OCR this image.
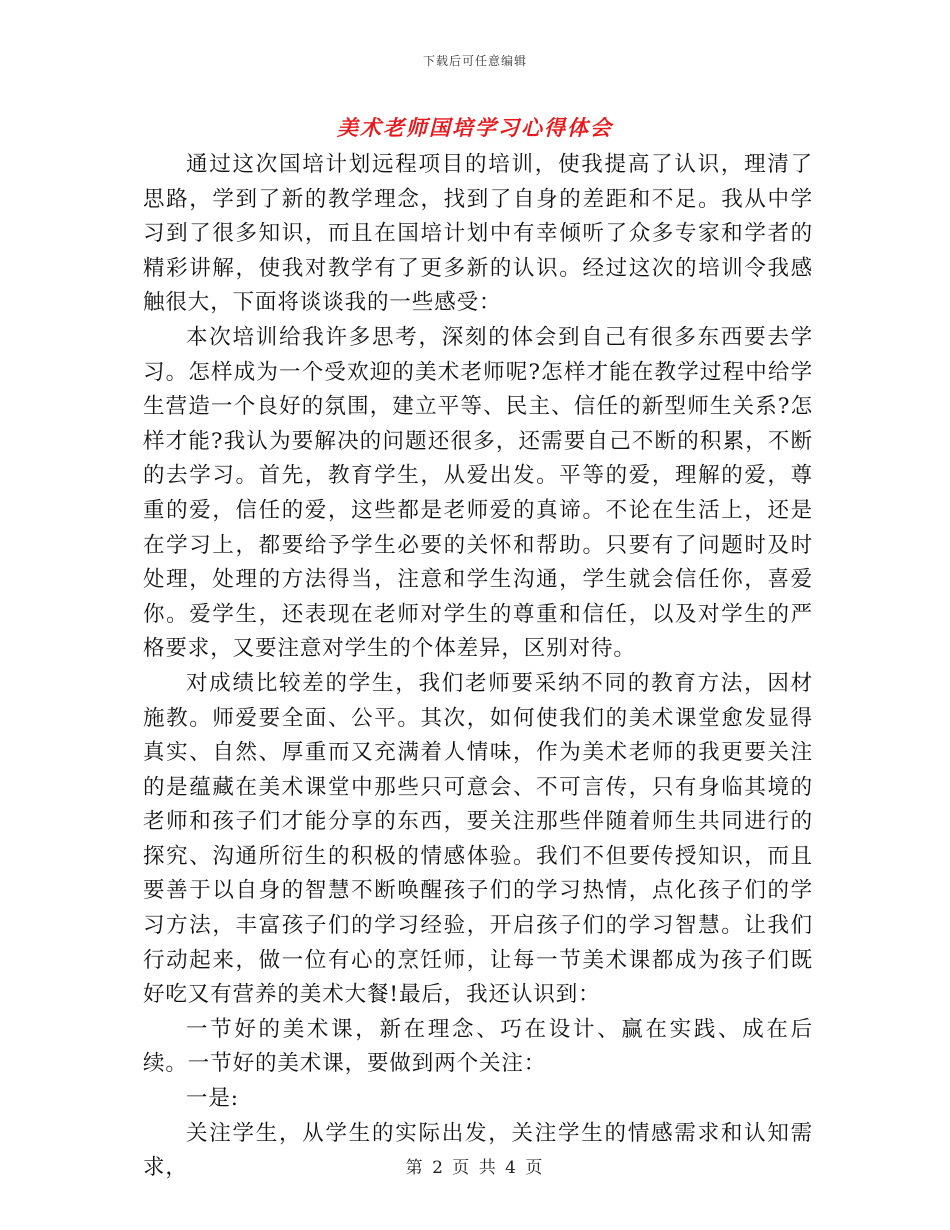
下载后可任意编辑
美术老师国培学习心得体会

通过这次国培计划远程项目的培训，使我提高了认识，理清了思路，学到了新的教学理念，找到了自身的差距和不足。我从中学习到了很多知识，而且在国培计划中有幸倾听了众多专家和学者的精彩讲解，使我对教学有了更多新的认识。经过这次的培训令我感触很大，下面将谈谈我的一些感受：

本次培训给我许多思考，深刻的体会到自己有很多东西要去学习。怎样成为一个受欢迎的美术老师呢?怎样才能在教学过程中给学生营造一个良好的氛围，建立平等、民主、信任的新型师生关系?怎样才能?我认为要解决的问题还很多，还需要自己不断的积累，不断的去学习。首先，教育学生，从爱出发。平等的爱，理解的爱，尊重的爱，信任的爱，这些都是老师爱的真谛。不论在生活上，还是在学习上，都要给予学生必要的关怀和帮助。只要有了问题时及时处理，处理的方法得当，注意和学生沟通，学生就会信任你，喜爱你。爱学生，还表现在老师对学生的尊重和信任，以及对学生的严格要求，又要注意对学生的个体差异，区别对待。

对成绩比较差的学生，我们老师要采纳不同的教育方法，因材施教。师爱要全面、公平。其次，如何使我们的美术课堂愈发显得真实、自然、厚重而又充满着人情味，作为美术老师的我更要关注的是蕴藏在美术课堂中那些只可意会、不可言传，只有身临其境的老师和孩子们才能分享的东西，要关注那些伴随着师生共同进行的探究、沟通所衍生的积极的情感体验。我们不但要传授知识，而且要善于以自身的智慧不断唤醒孩子们的学习热情，点化孩子们的学习方法，丰富孩子们的学习经验，开启孩子们的学习智慧。让我们行动起来，做一位有心的烹饪师，让每一节美术课都成为孩子们既好吃又有营养的美术大餐!最后，我还认识到：

一节好的美术课，新在理念、巧在设计、赢在实践、成在后续。一节好的美术课，要做到两个关注：

一是:

关注学生，从学生的实际出发，关注学生的情感需求和认知需求，	第 2 页 共 4 页
